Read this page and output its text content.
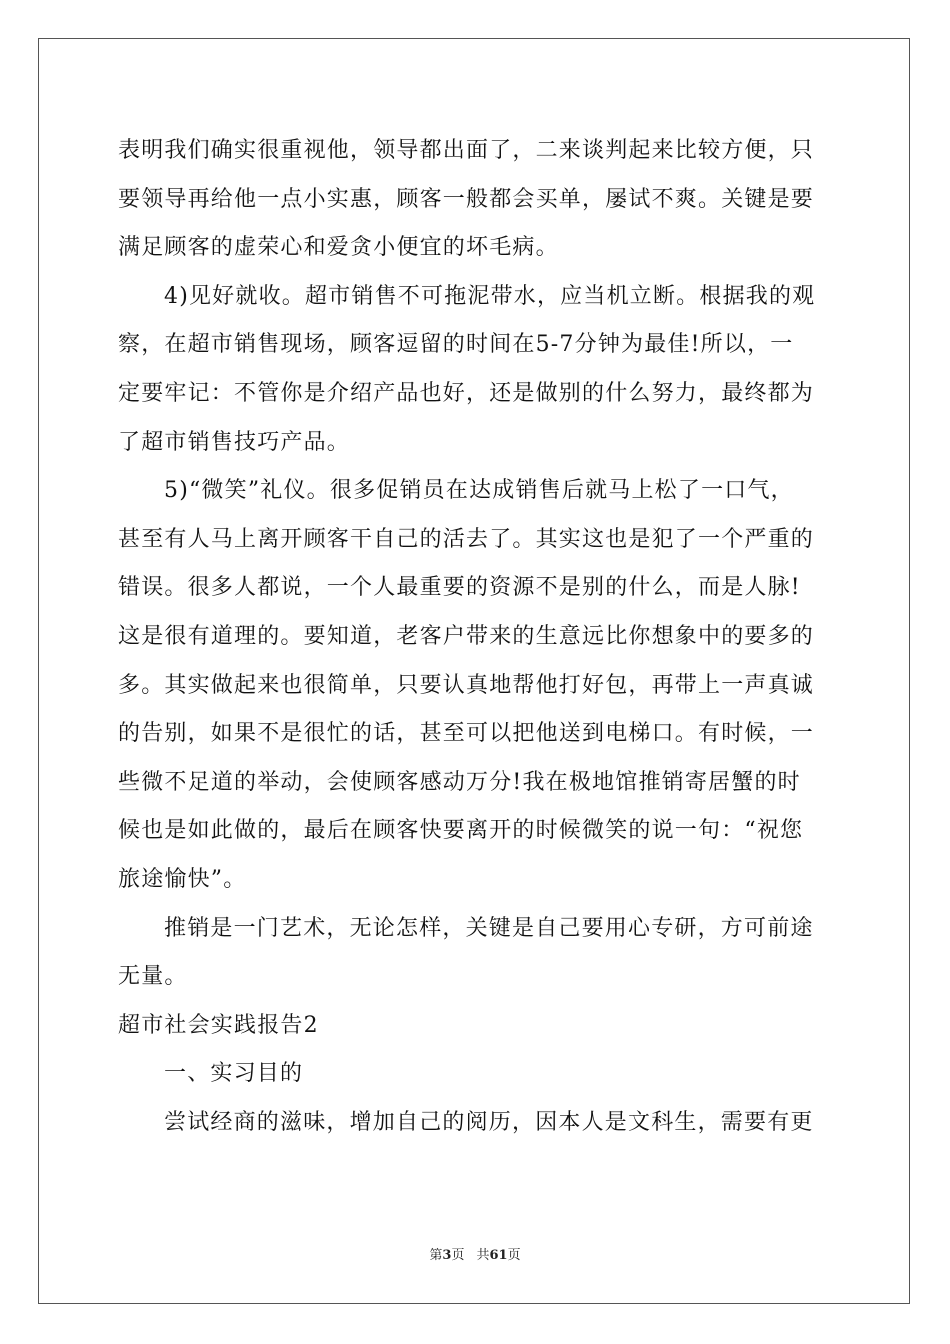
表明我们确实很重视他，领导都出面了，二来谈判起来比较方便，只
要领导再给他一点小实惠，顾客一般都会买单，屡试不爽。关键是要
满足顾客的虚荣心和爱贪小便宜的坏毛病。
4)见好就收。超市销售不可拖泥带水，应当机立断。根据我的观
察，在超市销售现场，顾客逗留的时间在5-7分钟为最佳!所以，一
定要牢记：不管你是介绍产品也好，还是做别的什么努力，最终都为
了超市销售技巧产品。
5)“微笑”礼仪。很多促销员在达成销售后就马上松了一口气，
甚至有人马上离开顾客干自己的活去了。其实这也是犯了一个严重的
错误。很多人都说，一个人最重要的资源不是别的什么，而是人脉!
这是很有道理的。要知道，老客户带来的生意远比你想象中的要多的
多。其实做起来也很简单，只要认真地帮他打好包，再带上一声真诚
的告别，如果不是很忙的话，甚至可以把他送到电梯口。有时候，一
些微不足道的举动，会使顾客感动万分!我在极地馆推销寄居蟹的时
候也是如此做的，最后在顾客快要离开的时候微笑的说一句：“祝您
旅途愉快”。
推销是一门艺术，无论怎样，关键是自己要用心专研，方可前途
无量。
超市社会实践报告2
一、实习目的
尝试经商的滋味，增加自己的阅历，因本人是文科生，需要有更
第3页 共61页
